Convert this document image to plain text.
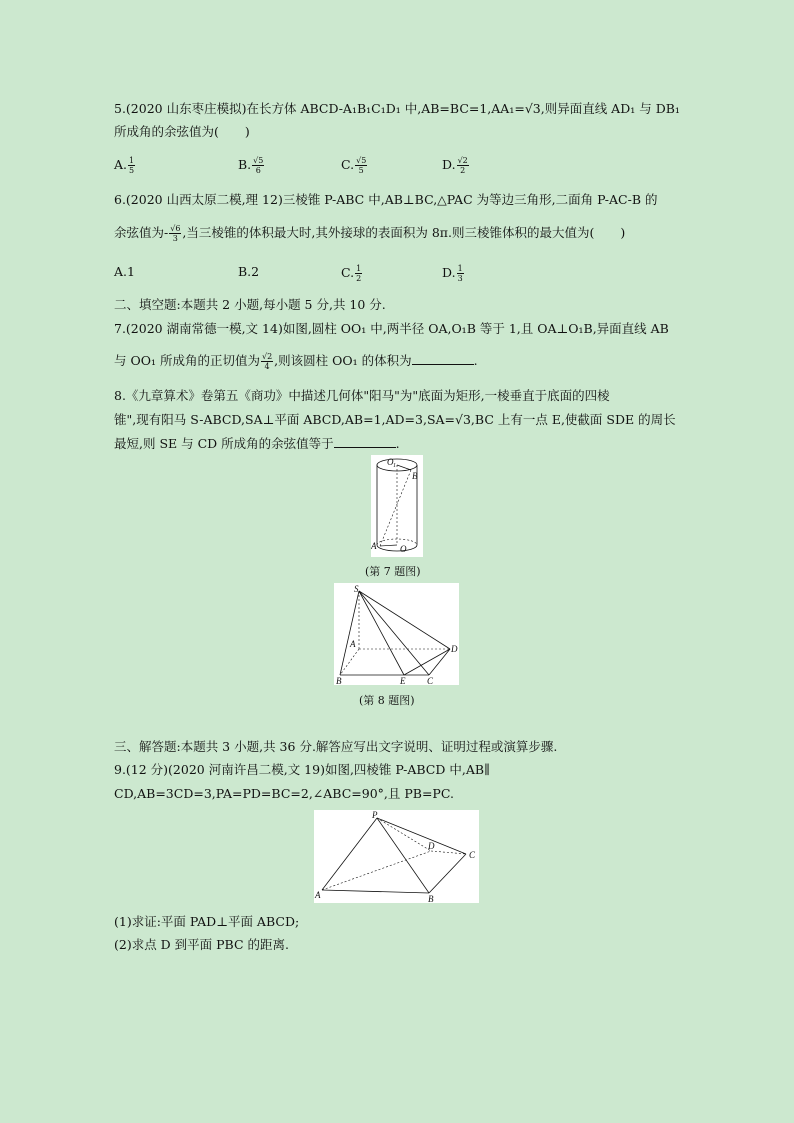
5.(2020 山东枣庄模拟)在长方体 ABCD-A₁B₁C₁D₁ 中,AB=BC=1,AA₁=√3,则异面直线 AD₁ 与 DB₁
所成角的余弦值为( )
A. $\frac{1}{5}$	B. $\frac{√5}{6}$	C. $\frac{√5}{5}$	D. $\frac{√2}{2}$
6.(2020 山西太原二模,理 12)三棱锥 P-ABC 中,AB⊥BC,△PAC 为等边三角形,二面角 P-AC-B 的
余弦值为- $\frac{√6}{3}$ ,当三棱锥的体积最大时,其外接球的表面积为 8π.则三棱锥体积的最大值为( )
A.1	B.2	C. $\frac{1}{2}$	D. $\frac{1}{3}$
二、填空题:本题共 2 小题,每小题 5 分,共 10 分.
7.(2020 湖南常德一模,文 14)如图,圆柱 OO₁ 中,两半径 OA,O₁B 等于 1,且 OA⊥O₁B,异面直线 AB
与 OO₁ 所成角的正切值为 $\frac{√2}{4}$ ,则该圆柱 OO₁ 的体积为	.
8.《九章算术》卷第五《商功》中描述几何体"阳马"为"底面为矩形,一棱垂直于底面的四棱
锥",现有阳马 S-ABCD,SA⊥平面 ABCD,AB=1,AD=3,SA=√3,BC 上有一点 E,使截面 SDE 的周长
最短,则 SE 与 CD 所成角的余弦值等于	.
O 1
B
A	O
(第 7 题图)
S
A	D
B	E C
(第 8 题图)
三、解答题:本题共 3 小题,共 36 分.解答应写出文字说明、证明过程或演算步骤.
9.(12 分)(2020 河南许昌二模,文 19)如图,四棱锥 P-ABCD 中,AB∥
CD,AB=3CD=3,PA=PD=BC=2,∠ABC=90°,且 PB=PC.
P
D
C
A	B
(1)求证:平面 PAD⊥平面 ABCD;
(2)求点 D 到平面 PBC 的距离.
